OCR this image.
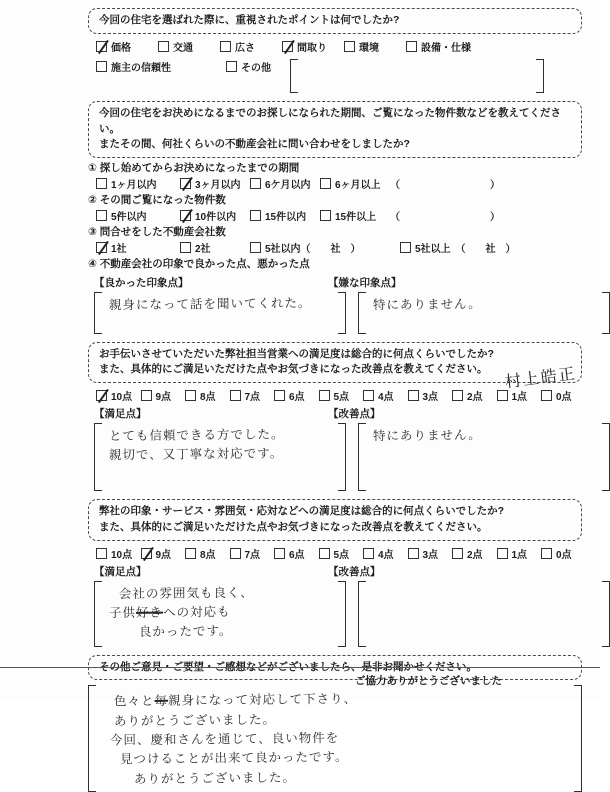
今回の住宅を選ばれた際に、重視されたポイントは何でしたか?
価格	交通	広さ	間取り	環境	設備・仕様
施主の信頼性	その他
今回の住宅をお決めになるまでのお探しになられた期間、ご覧になった物件数などを教えてください。
またその間、何社くらいの不動産会社に問い合わせをしましたか?
① 探し始めてからお決めになったまでの期間
1ヶ月以内	3ヶ月以内 6ケ月以内 6ヶ月以上 （　　　　　　　　　）
② その間ご覧になった物件数
5件以内	10件以内	15件以内	15件以上 （　　　　　　　　　）
③ 問合せをした不動産会社数
1社	2社	5社以内（　　社　）	5社以上　（　　社　）
④ 不動産会社の印象で良かった点、悪かった点
【良かった印象点】	【嫌な印象点】
親身になって話を聞いてくれた。	特にありません。
お手伝いさせていただいた弊社担当営業への満足度は総合的に何点くらいでしたか?
また、具体的にご満足いただけた点やお気づきになった改善点を教えてください。	村上皓正
10点 9点	8点	7点	6点	5点	4点	3点	2点	1点	0点
【満足点】	【改善点】
とても信頼できる方でした。
親切で、又丁寧な対応です。
特にありません。
弊社の印象・サービス・雰囲気・応対などへの満足度は総合的に何点くらいでしたか?
また、具体的にご満足いただけた点やお気づきになった改善点を教えてください。
10点 9点	8点	7点	6点	5点	4点	3点	2点	1点	0点
【満足点】	【改善点】
会社の雰囲気も良く、
子供好きへの対応も
良かったです。
その他ご意見・ご要望・ご感想などがございましたら、是非お聞かせください。
色々と毎親身になって対応して下さり、
ありがとうございました。
今回、慶和さんを通じて、良い物件を
見つけることが出来て良かったです。
ありがとうございました。
ご協力ありがとうございました
